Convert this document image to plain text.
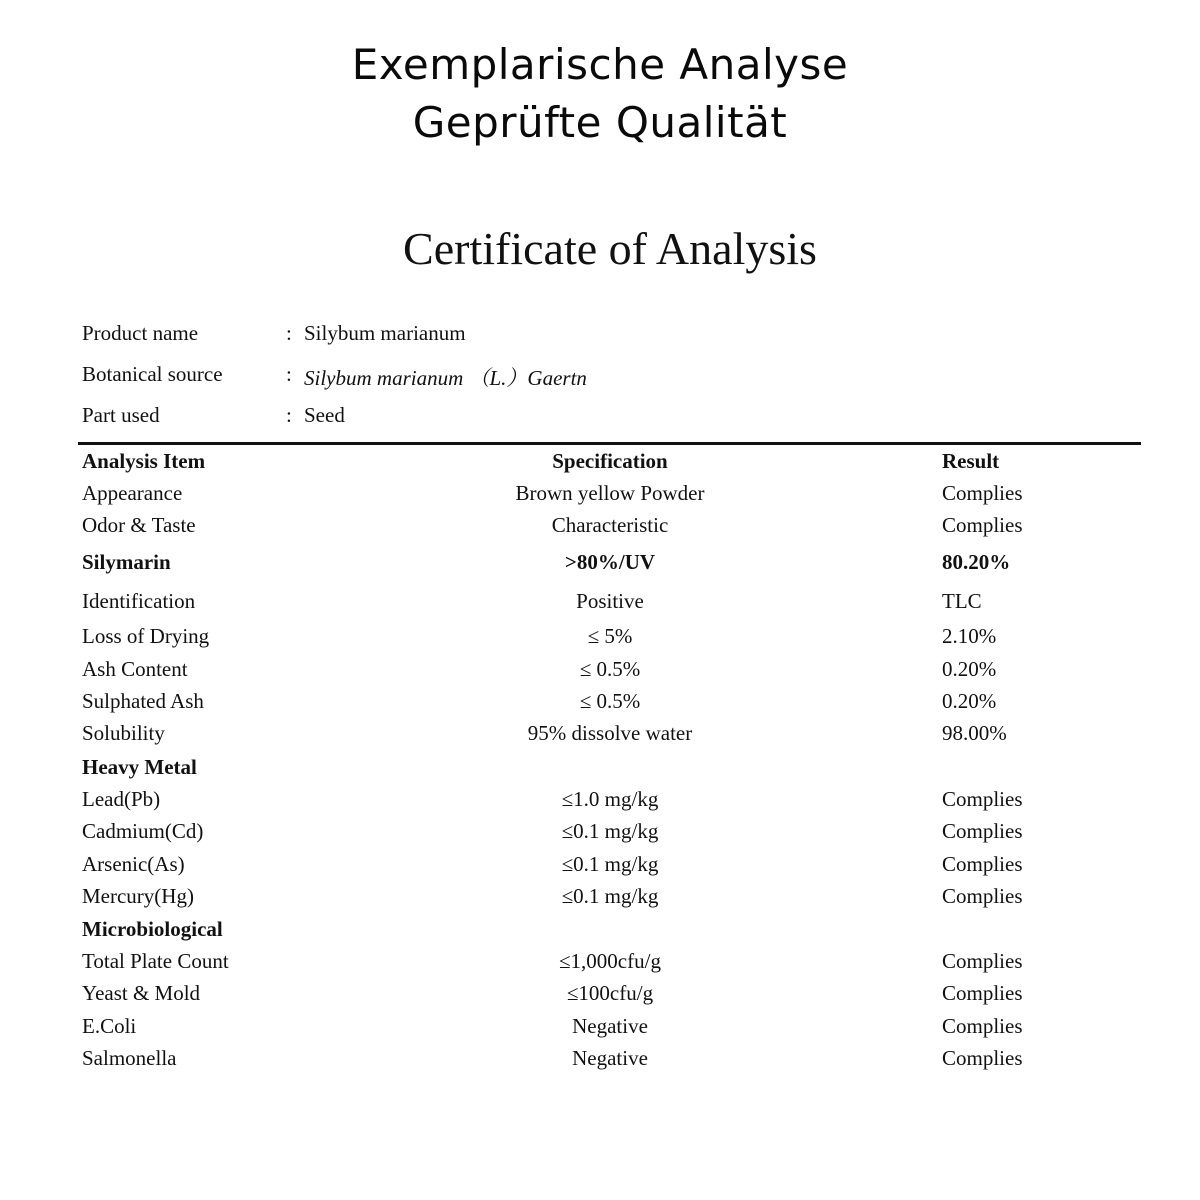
Exemplarische Analyse
Geprüfte Qualität
Certificate of Analysis
Product name	: Silybum marianum
Botanical source	: Silybum marianum （L.）Gaertn
Part used	: Seed
Analysis Item	Specification	Result
Appearance	Brown yellow Powder	Complies
Odor & Taste	Characteristic	Complies
Silymarin	>80%/UV	80.20%
Identification	Positive	TLC
Loss of Drying	≤ 5%	2.10%
Ash Content	≤ 0.5%	0.20%
Sulphated Ash	≤ 0.5%	0.20%
Solubility	95% dissolve water	98.00%
Heavy Metal
Lead(Pb)	≤1.0 mg/kg	Complies
Cadmium(Cd)	≤0.1 mg/kg	Complies
Arsenic(As)	≤0.1 mg/kg	Complies
Mercury(Hg)	≤0.1 mg/kg	Complies
Microbiological
Total Plate Count	≤1,000cfu/g	Complies
Yeast & Mold	≤100cfu/g	Complies
E.Coli	Negative	Complies
Salmonella	Negative	Complies
